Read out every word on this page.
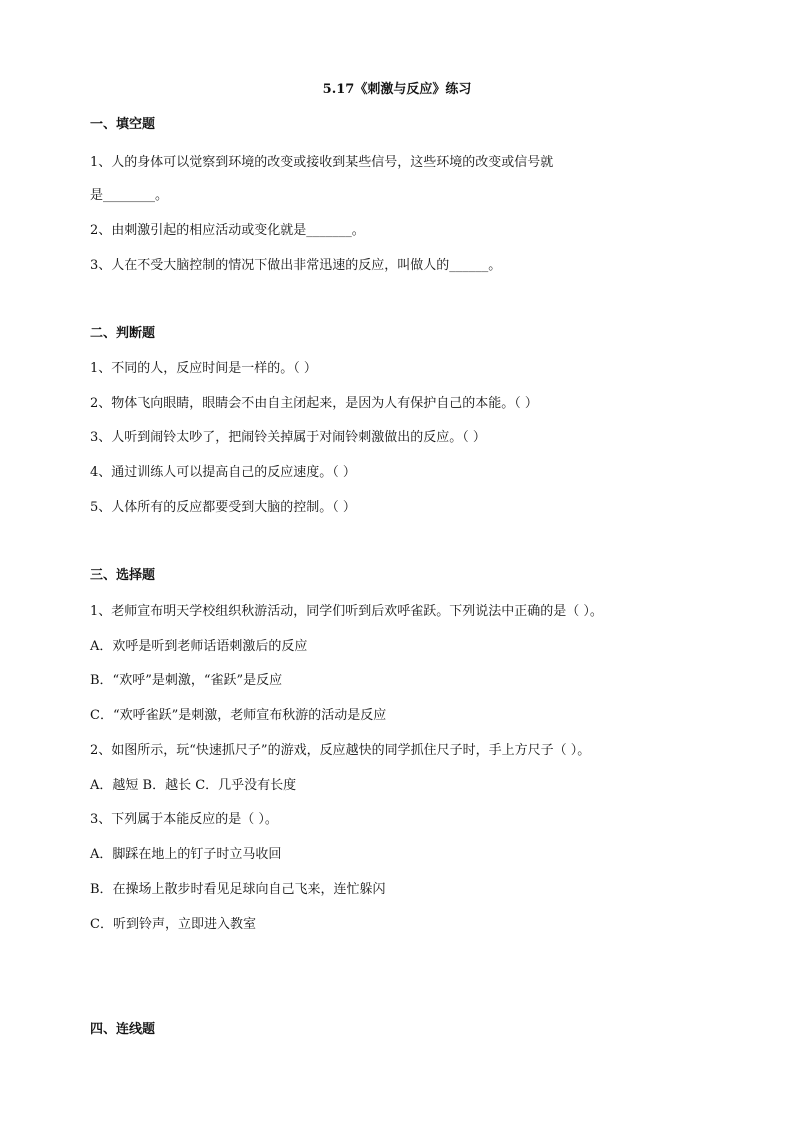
5.17《刺激与反应》练习
一、填空题
1、人的身体可以觉察到环境的改变或接收到某些信号，这些环境的改变或信号就
是________。
2、由刺激引起的相应活动或变化就是_______。
3、人在不受大脑控制的情况下做出非常迅速的反应，叫做人的______。
二、判断题
1、不同的人，反应时间是一样的。（ ）
2、物体飞向眼睛，眼睛会不由自主闭起来，是因为人有保护自己的本能。（ ）
3、人听到闹铃太吵了，把闹铃关掉属于对闹铃刺激做出的反应。（ ）
4、通过训练人可以提高自己的反应速度。（ ）
5、人体所有的反应都要受到大脑的控制。（ ）
三、选择题
1、老师宣布明天学校组织秋游活动，同学们听到后欢呼雀跃。下列说法中正确的是（ ）。
A．欢呼是听到老师话语刺激后的反应
B．“欢呼”是刺激，“雀跃”是反应
C．“欢呼雀跃”是刺激，老师宣布秋游的活动是反应
2、如图所示，玩“快速抓尺子”的游戏，反应越快的同学抓住尺子时，手上方尺子（ ）。
A．越短 B．越长 C．几乎没有长度
3、下列属于本能反应的是（ ）。
A．脚踩在地上的钉子时立马收回
B．在操场上散步时看见足球向自己飞来，连忙躲闪
C．听到铃声，立即进入教室
四、连线题
